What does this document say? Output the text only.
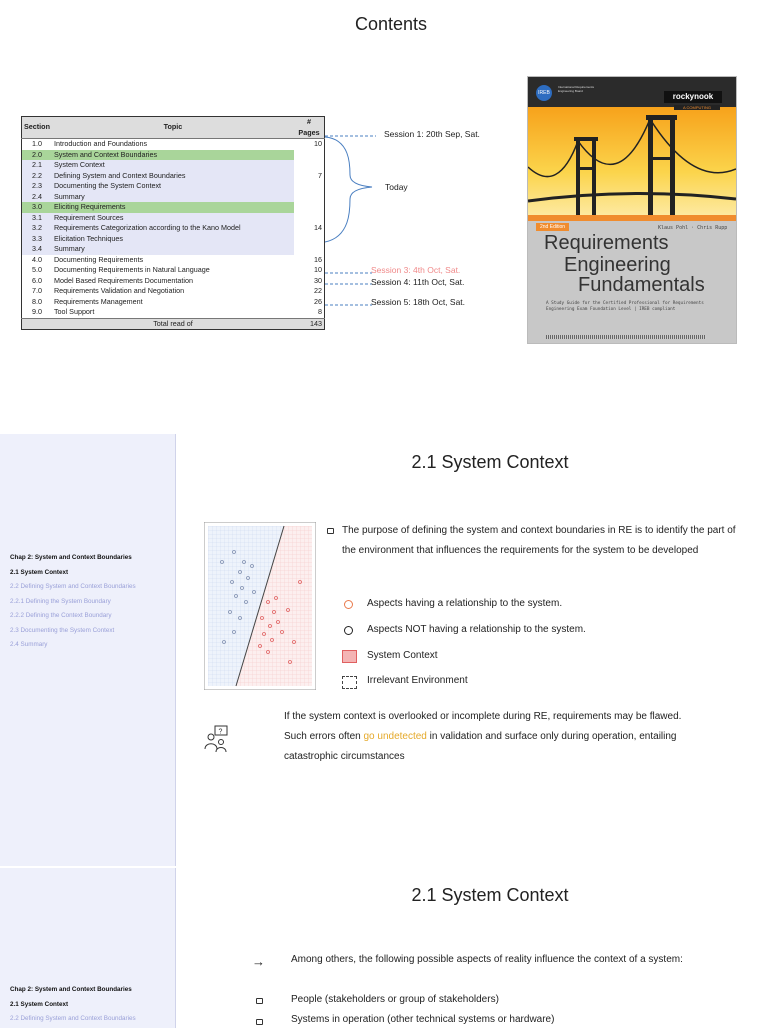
Contents
Section	Topic	# Pages
1.0	Introduction and Foundations	10
2.0	System and Context Boundaries	
2.1	System Context	
2.2	Defining System and Context Boundaries	7
2.3	Documenting the System Context	
2.4	Summary	
3.0	Eliciting Requirements	
3.1	Requirement Sources	
3.2	Requirements Categorization according to the Kano Model	14
3.3	Elicitation Techniques	
3.4	Summary	
4.0	Documenting Requirements	16
5.0	Documenting Requirements in Natural Language	10
6.0	Model Based Requirements Documentation	30
7.0	Requirements Validation and Negotiation	22
8.0	Requirements Management	26
9.0	Tool Support	8
	Total read of	143
Session 1: 20th Sep, Sat.
Today
Session 3: 4th Oct, Sat.
Session 4: 11th Oct, Sat.
Session 5: 18th Oct, Sat.
IREB
International Requirements Engineering Board
rockynook
A COMPUTING
2nd Edition	Klaus Pohl · Chris Rupp
Requirements
Engineering
Fundamentals
A Study Guide for the Certified Professional for Requirements Engineering Exam Foundation Level | IREB compliant
Chap 2: System and Context Boundaries
2.1 System Context
2.2 Defining System and Context Boundaries
2.2.1 Defining the System Boundary
2.2.2 Defining the Context Boundary
2.3 Documenting the System Context
2.4 Summary
2.1 System Context
The purpose of defining the system and context boundaries in RE is to identify the part of the environment that influences the requirements for the system to be developed
Aspects having a relationship to the system.
Aspects NOT having a relationship to the system.
System Context
Irrelevant Environment
?
If the system context is overlooked or incomplete during RE, requirements may be flawed. Such errors often go undetected in validation and surface only during operation, entailing catastrophic circumstances
Chap 2: System and Context Boundaries
2.1 System Context
2.2 Defining System and Context Boundaries
2.1 System Context
→	Among others, the following possible aspects of reality influence the context of a system:
People (stakeholders or group of stakeholders)
Systems in operation (other technical systems or hardware)
